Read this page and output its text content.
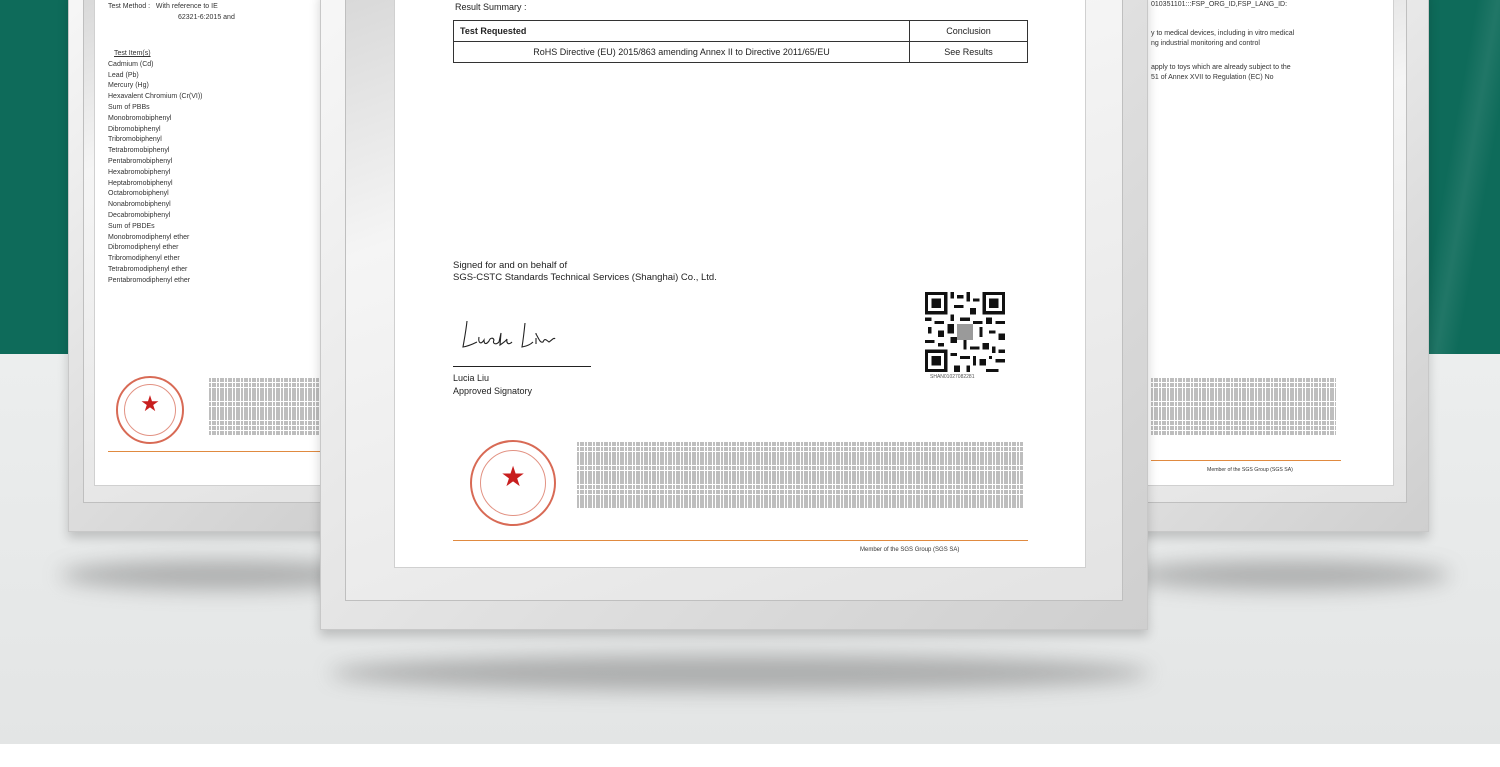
Test Method : With reference to IE
62321-6:2015 and
Test Item(s)
Cadmium (Cd)
Lead (Pb)
Mercury (Hg)
Hexavalent Chromium (Cr(VI))
Sum of PBBs
Monobromobiphenyl
Dibromobiphenyl
Tribromobiphenyl
Tetrabromobiphenyl
Pentabromobiphenyl
Hexabromobiphenyl
Heptabromobiphenyl
Octabromobiphenyl
Nonabromobiphenyl
Decabromobiphenyl
Sum of PBDEs
Monobromodiphenyl ether
Dibromodiphenyl ether
Tribromodiphenyl ether
Tetrabromodiphenyl ether
Pentabromodiphenyl ether
★
010351101:::FSP_ORG_ID,FSP_LANG_ID:
y to medical devices, including in vitro medical
ng industrial monitoring and control
apply to toys which are already subject to the
51 of Annex XVII to Regulation (EC) No
Member of the SGS Group (SGS SA)
Result Summary :
Test Requested	Conclusion
RoHS Directive (EU) 2015/863 amending Annex II to Directive 2011/65/EU	See Results
Signed for and on behalf of
SGS-CSTC Standards Technical Services (Shanghai) Co., Ltd.
Lucia Liu
Approved Signatory
SHAN01027082281
★
Member of the SGS Group (SGS SA)
